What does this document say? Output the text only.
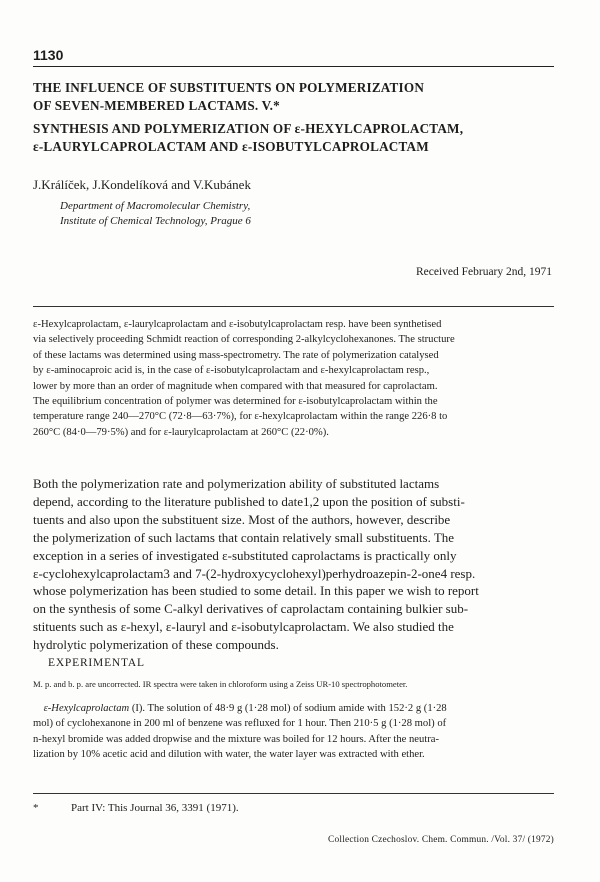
1130
THE INFLUENCE OF SUBSTITUENTS ON POLYMERIZATION
OF SEVEN-MEMBERED LACTAMS. V.*
SYNTHESIS AND POLYMERIZATION OF ε-HEXYLCAPROLACTAM,
ε-LAURYLCAPROLACTAM AND ε-ISOBUTYLCAPROLACTAM
J.Králíček, J.Kondelíková and V.Kubánek
Department of Macromolecular Chemistry,
Institute of Chemical Technology, Prague 6
Received February 2nd, 1971
ε-Hexylcaprolactam, ε-laurylcaprolactam and ε-isobutylcaprolactam resp. have been synthetised
via selectively proceeding Schmidt reaction of corresponding 2-alkylcyclohexanones. The structure
of these lactams was determined using mass-spectrometry. The rate of polymerization catalysed
by ε-aminocaproic acid is, in the case of ε-isobutylcaprolactam and ε-hexylcaprolactam resp.,
lower by more than an order of magnitude when compared with that measured for caprolactam.
The equilibrium concentration of polymer was determined for ε-isobutylcaprolactam within the
temperature range 240—270°C (72·8—63·7%), for ε-hexylcaprolactam within the range 226·8 to
260°C (84·0—79·5%) and for ε-laurylcaprolactam at 260°C (22·0%).
Both the polymerization rate and polymerization ability of substituted lactams
depend, according to the literature published to date1,2 upon the position of substi-
tuents and also upon the substituent size. Most of the authors, however, describe
the polymerization of such lactams that contain relatively small substituents. The
exception in a series of investigated ε-substituted caprolactams is practically only
ε-cyclohexylcaprolactam3 and 7-(2-hydroxycyclohexyl)perhydroazepin-2-one4 resp.
whose polymerization has been studied to some detail. In this paper we wish to report
on the synthesis of some C-alkyl derivatives of caprolactam containing bulkier sub-
stituents such as ε-hexyl, ε-lauryl and ε-isobutylcaprolactam. We also studied the
hydrolytic polymerization of these compounds.
EXPERIMENTAL
M. p. and b. p. are uncorrected. IR spectra were taken in chloroform using a Zeiss UR-10 spectrophotometer.
ε-Hexylcaprolactam (I). The solution of 48·9 g (1·28 mol) of sodium amide with 152·2 g (1·28
mol) of cyclohexanone in 200 ml of benzene was refluxed for 1 hour. Then 210·5 g (1·28 mol) of
n-hexyl bromide was added dropwise and the mixture was boiled for 12 hours. After the neutra-
lization by 10% acetic acid and dilution with water, the water layer was extracted with ether.
*	Part IV: This Journal 36, 3391 (1971).
Collection Czechoslov. Chem. Commun. /Vol. 37/ (1972)
